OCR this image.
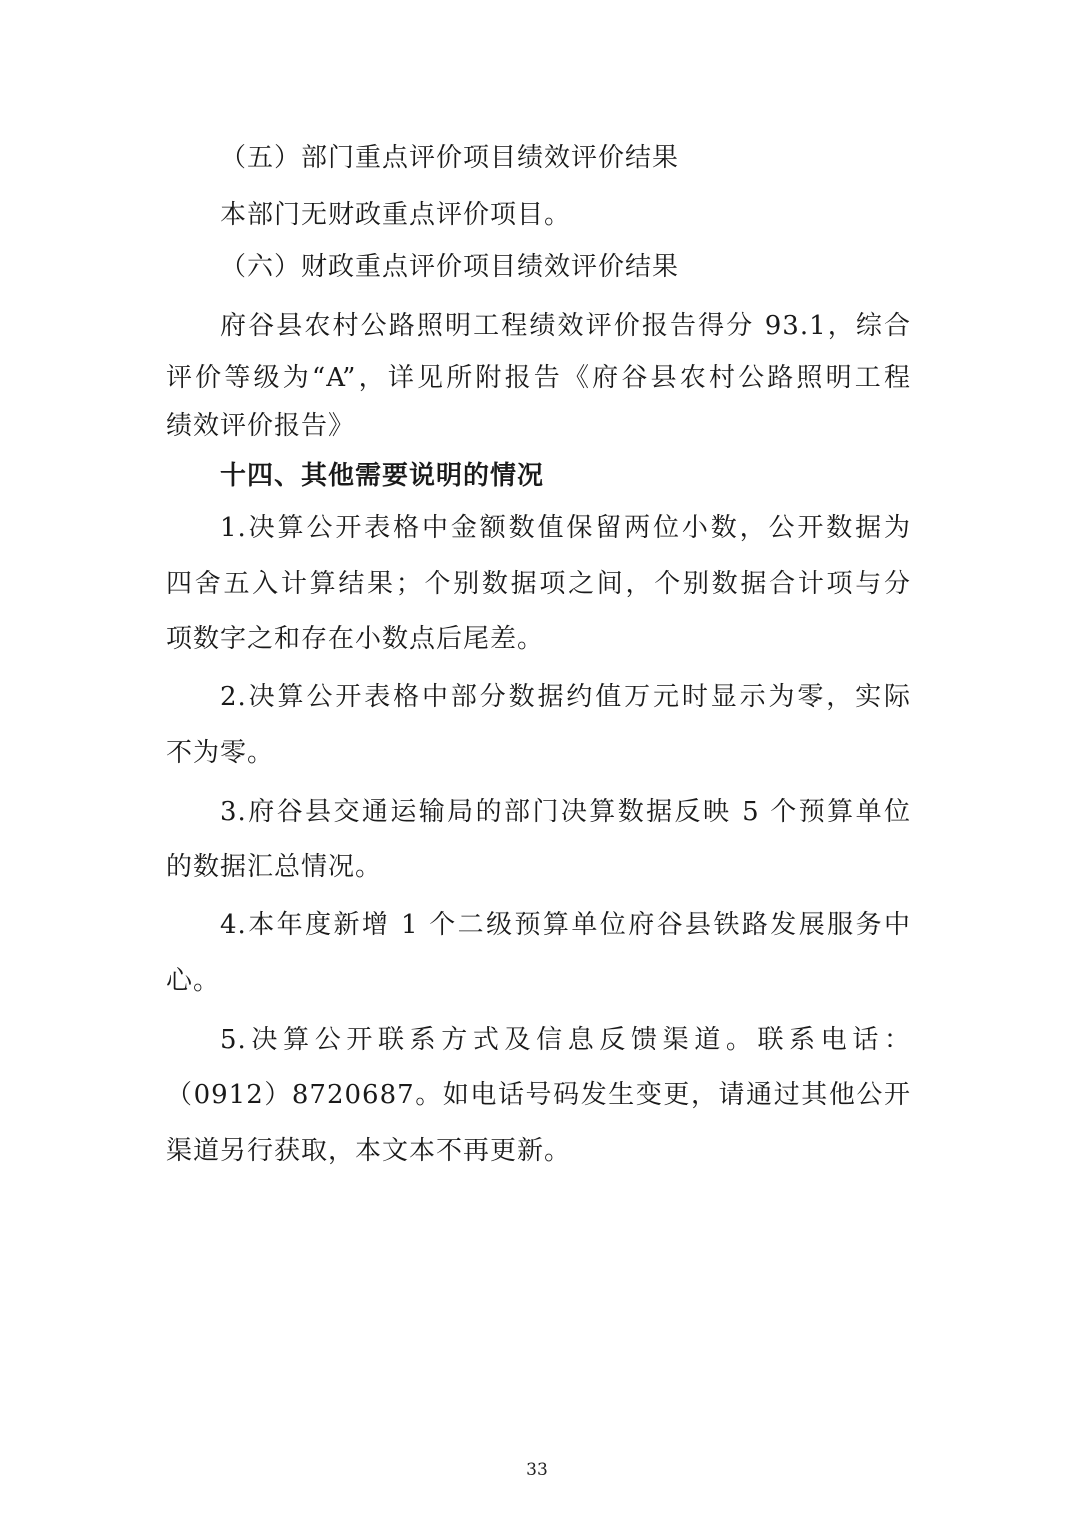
（五）部门重点评价项目绩效评价结果
本部门无财政重点评价项目。
（六）财政重点评价项目绩效评价结果
府谷县农村公路照明工程绩效评价报告得分 93.1，综合
评价等级为“A”，详见所附报告《府谷县农村公路照明工程
绩效评价报告》
十四、其他需要说明的情况
1.决算公开表格中金额数值保留两位小数，公开数据为
四舍五入计算结果；个别数据项之间，个别数据合计项与分
项数字之和存在小数点后尾差。
2.决算公开表格中部分数据约值万元时显示为零，实际
不为零。
3.府谷县交通运输局的部门决算数据反映 5 个预算单位
的数据汇总情况。
4.本年度新增 1 个二级预算单位府谷县铁路发展服务中
心。
5.决算公开联系方式及信息反馈渠道。联系电话：
（0912）8720687。如电话号码发生变更，请通过其他公开
渠道另行获取，本文本不再更新。
33
